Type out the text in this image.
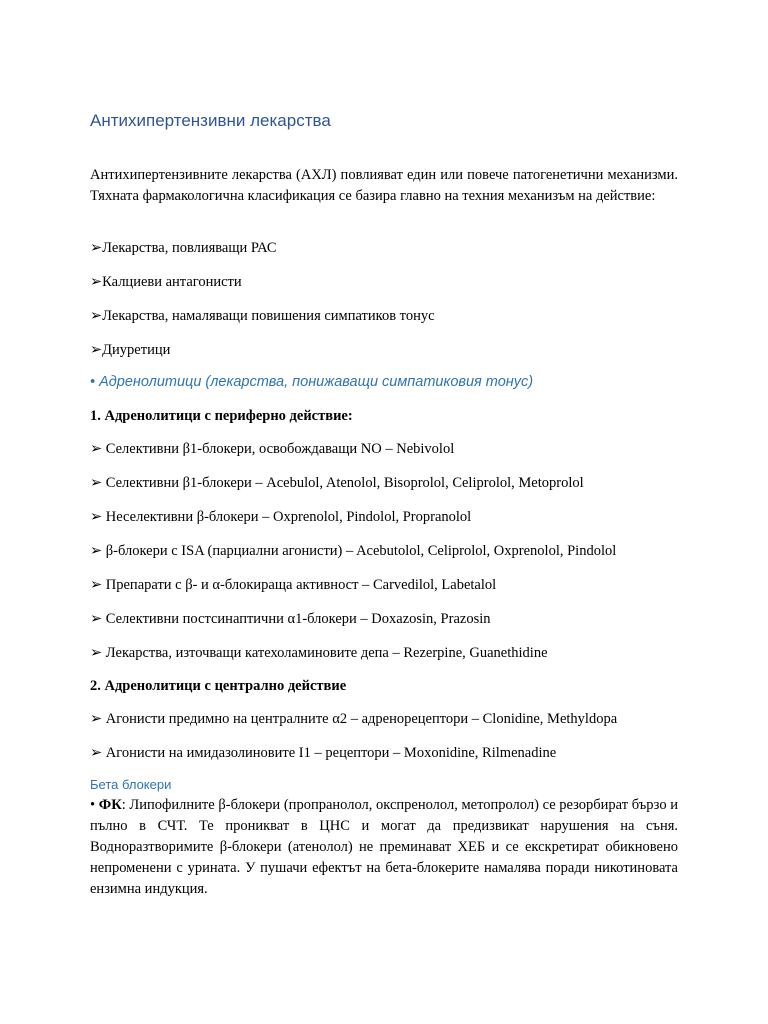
Антихипертензивни лекарства
Антихипертензивните лекарства (АХЛ) повлияват един или повече патогенетични механизми. Тяхната фармакологична класификация се базира главно на техния механизъм на действие:
➢Лекарства, повлияващи РАС
➢Калциеви антагонисти
➢Лекарства, намаляващи повишения симпатиков тонус
➢Диуретици
• Адренолитици (лекарства, понижаващи симпатиковия тонус)
1. Адренолитици с периферно действие:
➢ Селективни β1-блокери, освобождаващи NO – Nebivolol
➢ Селективни β1-блокери – Acebulol, Atenolol, Bisoprolol, Celiprolol, Metoprolol
➢ Неселективни β-блокери – Oxprenolol, Pindolol, Propranolol
➢ β-блокери с ISA (парциални агонисти) – Acebutolol, Celiprolol, Oxprenolol, Pindolol
➢ Препарати с β- и α-блокираща активност – Carvedilol, Labetalol
➢ Селективни постсинаптични α1-блокери – Doxazosin, Prazosin
➢ Лекарства, източващи катехоламиновите депа – Rezerpine, Guanethidine
2. Адренолитици с централно действие
➢ Агонисти предимно на централните α2 – адренорецептори – Clonidine, Methyldopa
➢ Агонисти на имидазолиновите I1 – рецептори – Moxonidine, Rilmenadine
Бета блокери
• ФК: Липофилните β-блокери (пропранолол, окспренолол, метопролол) се резорбират бързо и пълно в СЧТ. Те проникват в ЦНС и могат да предизвикат нарушения на съня. Водноразтворимите β-блокери (атенолол) не преминават ХЕБ и се екскретират обикновено непроменени с урината. У пушачи ефектът на бета-блокерите намалява поради никотиновата ензимна индукция.
